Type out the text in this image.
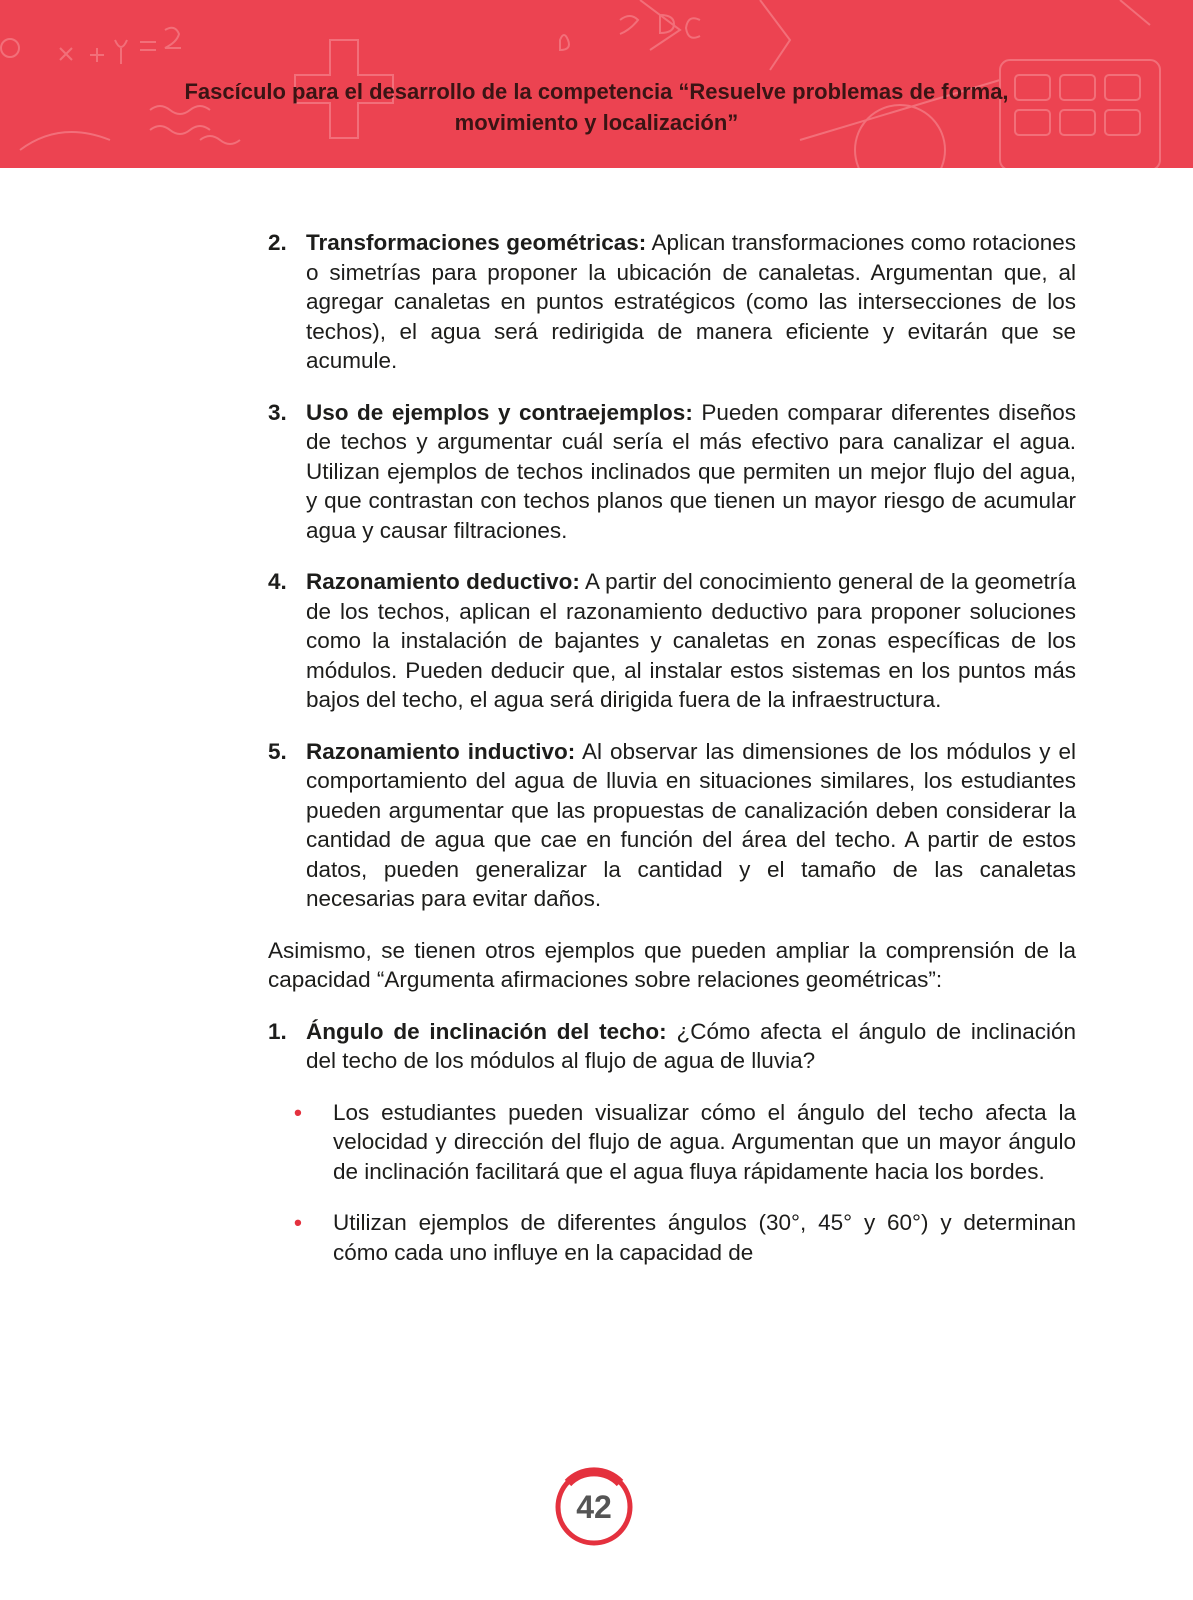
Fascículo para el desarrollo de la competencia “Resuelve problemas de forma,
movimiento y localización”
2. Transformaciones geométricas: Aplican transformaciones como rotaciones o simetrías para proponer la ubicación de canaletas. Argumentan que, al agregar canaletas en puntos estratégicos (como las intersecciones de los techos), el agua será redirigida de manera eficiente y evitarán que se acumule.
3. Uso de ejemplos y contraejemplos: Pueden comparar diferentes diseños de techos y argumentar cuál sería el más efectivo para canalizar el agua. Utilizan ejemplos de techos inclinados que permiten un mejor flujo del agua, y que contrastan con techos planos que tienen un mayor riesgo de acumular agua y causar filtraciones.
4. Razonamiento deductivo: A partir del conocimiento general de la geometría de los techos, aplican el razonamiento deductivo para proponer soluciones como la instalación de bajantes y canaletas en zonas específicas de los módulos. Pueden deducir que, al instalar estos sistemas en los puntos más bajos del techo, el agua será dirigida fuera de la infraestructura.
5. Razonamiento inductivo: Al observar las dimensiones de los módulos y el comportamiento del agua de lluvia en situaciones similares, los estudiantes pueden argumentar que las propuestas de canalización deben considerar la cantidad de agua que cae en función del área del techo. A partir de estos datos, pueden generalizar la cantidad y el tamaño de las canaletas necesarias para evitar daños.

Asimismo, se tienen otros ejemplos que pueden ampliar la comprensión de la capacidad “Argumenta afirmaciones sobre relaciones geométricas”:

1. Ángulo de inclinación del techo: ¿Cómo afecta el ángulo de inclinación del techo de los módulos al flujo de agua de lluvia?
• Los estudiantes pueden visualizar cómo el ángulo del techo afecta la velocidad y dirección del flujo de agua. Argumentan que un mayor ángulo de inclinación facilitará que el agua fluya rápidamente hacia los bordes.
• Utilizan ejemplos de diferentes ángulos (30°, 45° y 60°) y determinan cómo cada uno influye en la capacidad de
42
